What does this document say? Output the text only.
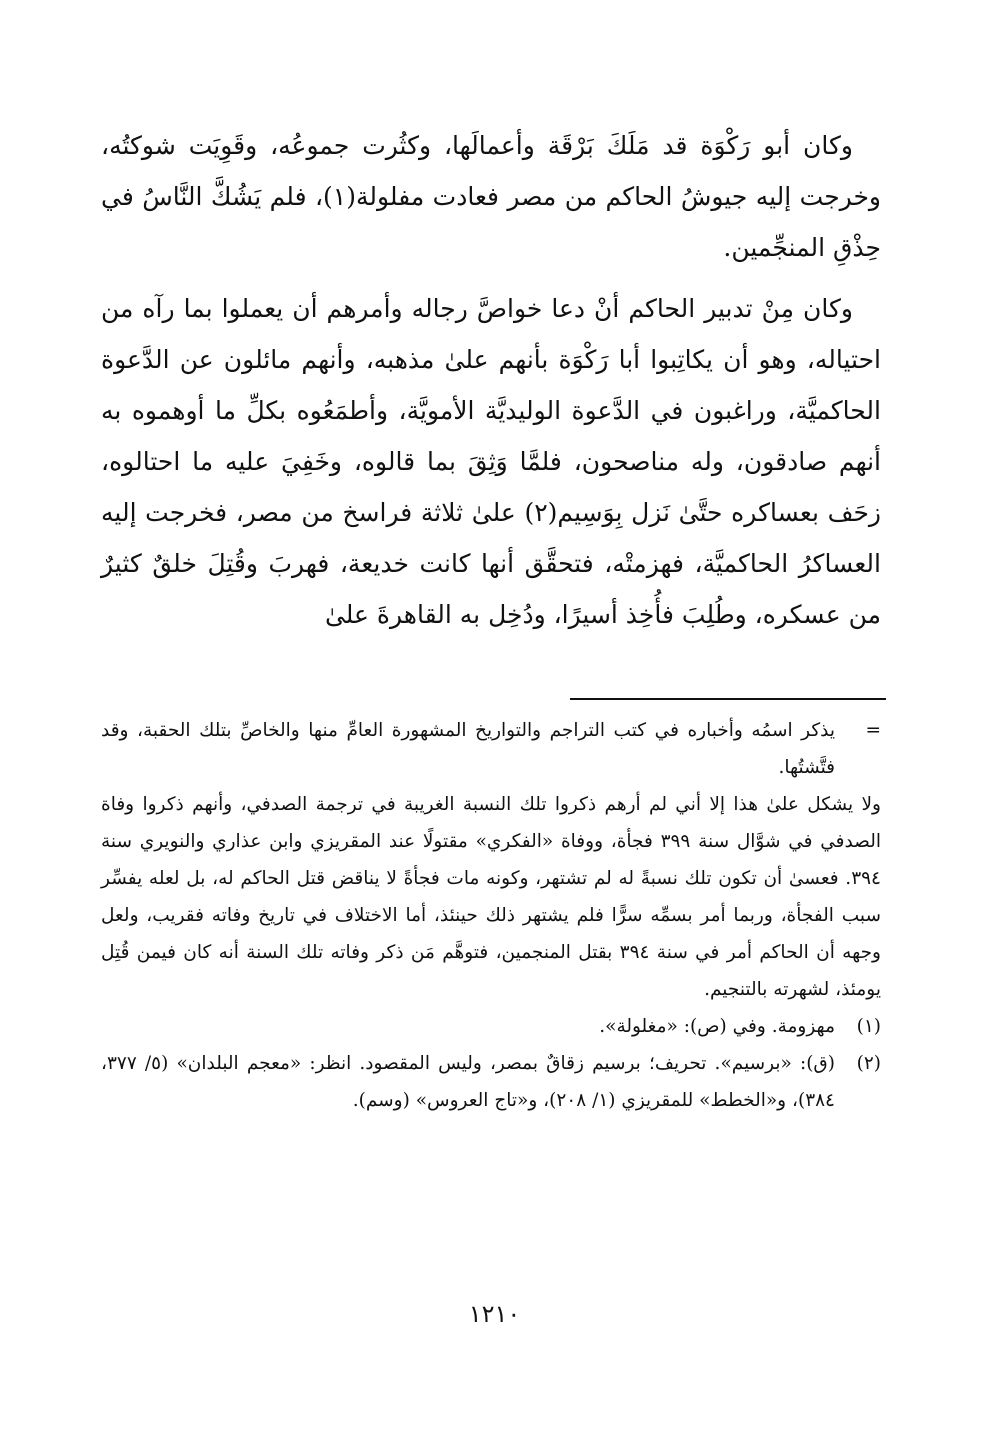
وكان أبو رَكْوَة قد مَلَكَ بَرْقَة وأعمالَها، وكثُرت جموعُه، وقَوِيَت شوكتُه، وخرجت إليه جيوشُ الحاكم من مصر فعادت مفلولة(١)، فلم يَشُكَّ النَّاسُ في حِذْقِ المنجِّمين.

وكان مِنْ تدبير الحاكم أنْ دعا خواصَّ رجاله وأمرهم أن يعملوا بما رآه من احتياله، وهو أن يكاتِبوا أبا رَكْوَة بأنهم علىٰ مذهبه، وأنهم مائلون عن الدَّعوة الحاكميَّة، وراغبون في الدَّعوة الوليديَّة الأمويَّة، وأطمَعُوه بكلِّ ما أوهموه به أنهم صادقون، وله مناصحون، فلمَّا وَثِقَ بما قالوه، وخَفِيَ عليه ما احتالوه، زحَف بعساكره حتَّىٰ نَزل بِوَسِيم(٢) علىٰ ثلاثة فراسخ من مصر، فخرجت إليه العساكرُ الحاكميَّة، فهزمتْه، فتحقَّق أنها كانت خديعة، فهربَ وقُتِلَ خلقٌ كثيرٌ من عسكره، وطُلِبَ فأُخِذ أسيرًا، ودُخِل به القاهرةَ علىٰ

=
يذكر اسمُه وأخباره في كتب التراجم والتواريخ المشهورة العامِّ منها والخاصِّ بتلك الحقبة، وقد فتَّشتُها.

ولا يشكل علىٰ هذا إلا أني لم أرهم ذكروا تلك النسبة الغريبة في ترجمة الصدفي، وأنهم ذكروا وفاة الصدفي في شوَّال سنة ٣٩٩ فجأة، ووفاة «الفكري» مقتولًا عند المقريزي وابن عذاري والنويري سنة ٣٩٤. فعسىٰ أن تكون تلك نسبةً له لم تشتهر، وكونه مات فجأةً لا يناقض قتل الحاكم له، بل لعله يفسِّر سبب الفجأة، وربما أمر بسمِّه سرًّا فلم يشتهر ذلك حينئذ، أما الاختلاف في تاريخ وفاته فقريب، ولعل وجهه أن الحاكم أمر في سنة ٣٩٤ بقتل المنجمين، فتوهَّم مَن ذكر وفاته تلك السنة أنه كان فيمن قُتِل يومئذ، لشهرته بالتنجيم.

(١)
مهزومة. وفي (ص): «مغلولة».

(٢)
(ق): «برسيم». تحريف؛ برسيم زقاقٌ بمصر، وليس المقصود. انظر: «معجم البلدان» (٥/ ٣٧٧، ٣٨٤)، و«الخطط» للمقريزي (١/ ٢٠٨)، و«تاج العروس» (وسم).

١٢١٠
